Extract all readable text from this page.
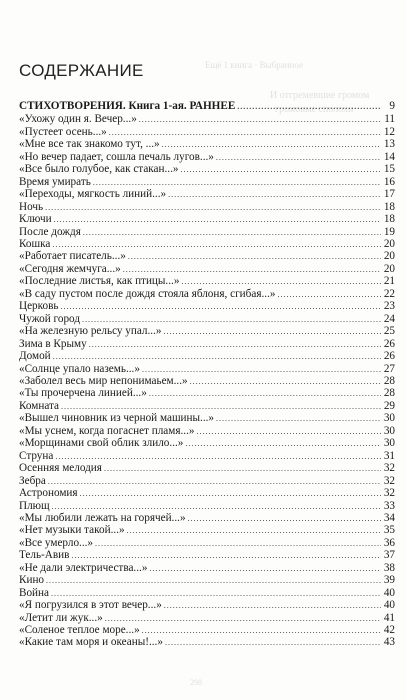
Ещё 1 книга · Выбранное
И отгремевшие громом
громовые сполохи
298
СОДЕРЖАНИЕ
СТИХОТВОРЕНИЯ. Книга 1-ая. РАННЕЕ .....	9
«Ухожу один я. Вечер...» .....	11
«Пустеет осень...» .....	12
«Мне все так знакомо тут, ...» .....	13
«Но вечер падает, сошла печаль лугов...» .....	14
«Все было голубое, как стакан...» .....	15
Время умирать .....	16
«Переходы, мягкость линий...» .....	17
Ночь .....	18
Ключи .....	18
После дождя .....	19
Кошка .....	20
«Работает писатель...» .....	20
«Сегодня жемчуга...» .....	20
«Последние листья, как птицы...» .....	21
«В саду пустом после дождя стояла яблоня, сгибая...» .....	22
Церковь .....	23
Чужой город .....	24
«На железную рельсу упал...» .....	25
Зима в Крыму .....	26
Домой .....	26
«Солнце упало наземь...» .....	27
«Заболел весь мир непонимаьем...» .....	28
«Ты прочерчена линией...» .....	28
Комната .....	29
«Вышел чиновник из черной машины...» .....	30
«Мы уснем, когда погаснет пламя...» .....	30
«Морщинами свой облик злило...» .....	30
Струна .....	31
Осенняя мелодия .....	32
Зебра .....	32
Астрономия .....	32
Плющ .....	33
«Мы любили лежать на горячей...» .....	34
«Нет музыки такой...» .....	35
«Все умерло...» .....	36
Тель-Авив .....	37
«Не дали электричества...» .....	38
Кино .....	39
Война .....	40
«Я погрузился в этот вечер...» .....	40
«Летит ли жук...» .....	41
«Соленое теплое море...» .....	42
«Какие там моря и океаны!...» .....	43
